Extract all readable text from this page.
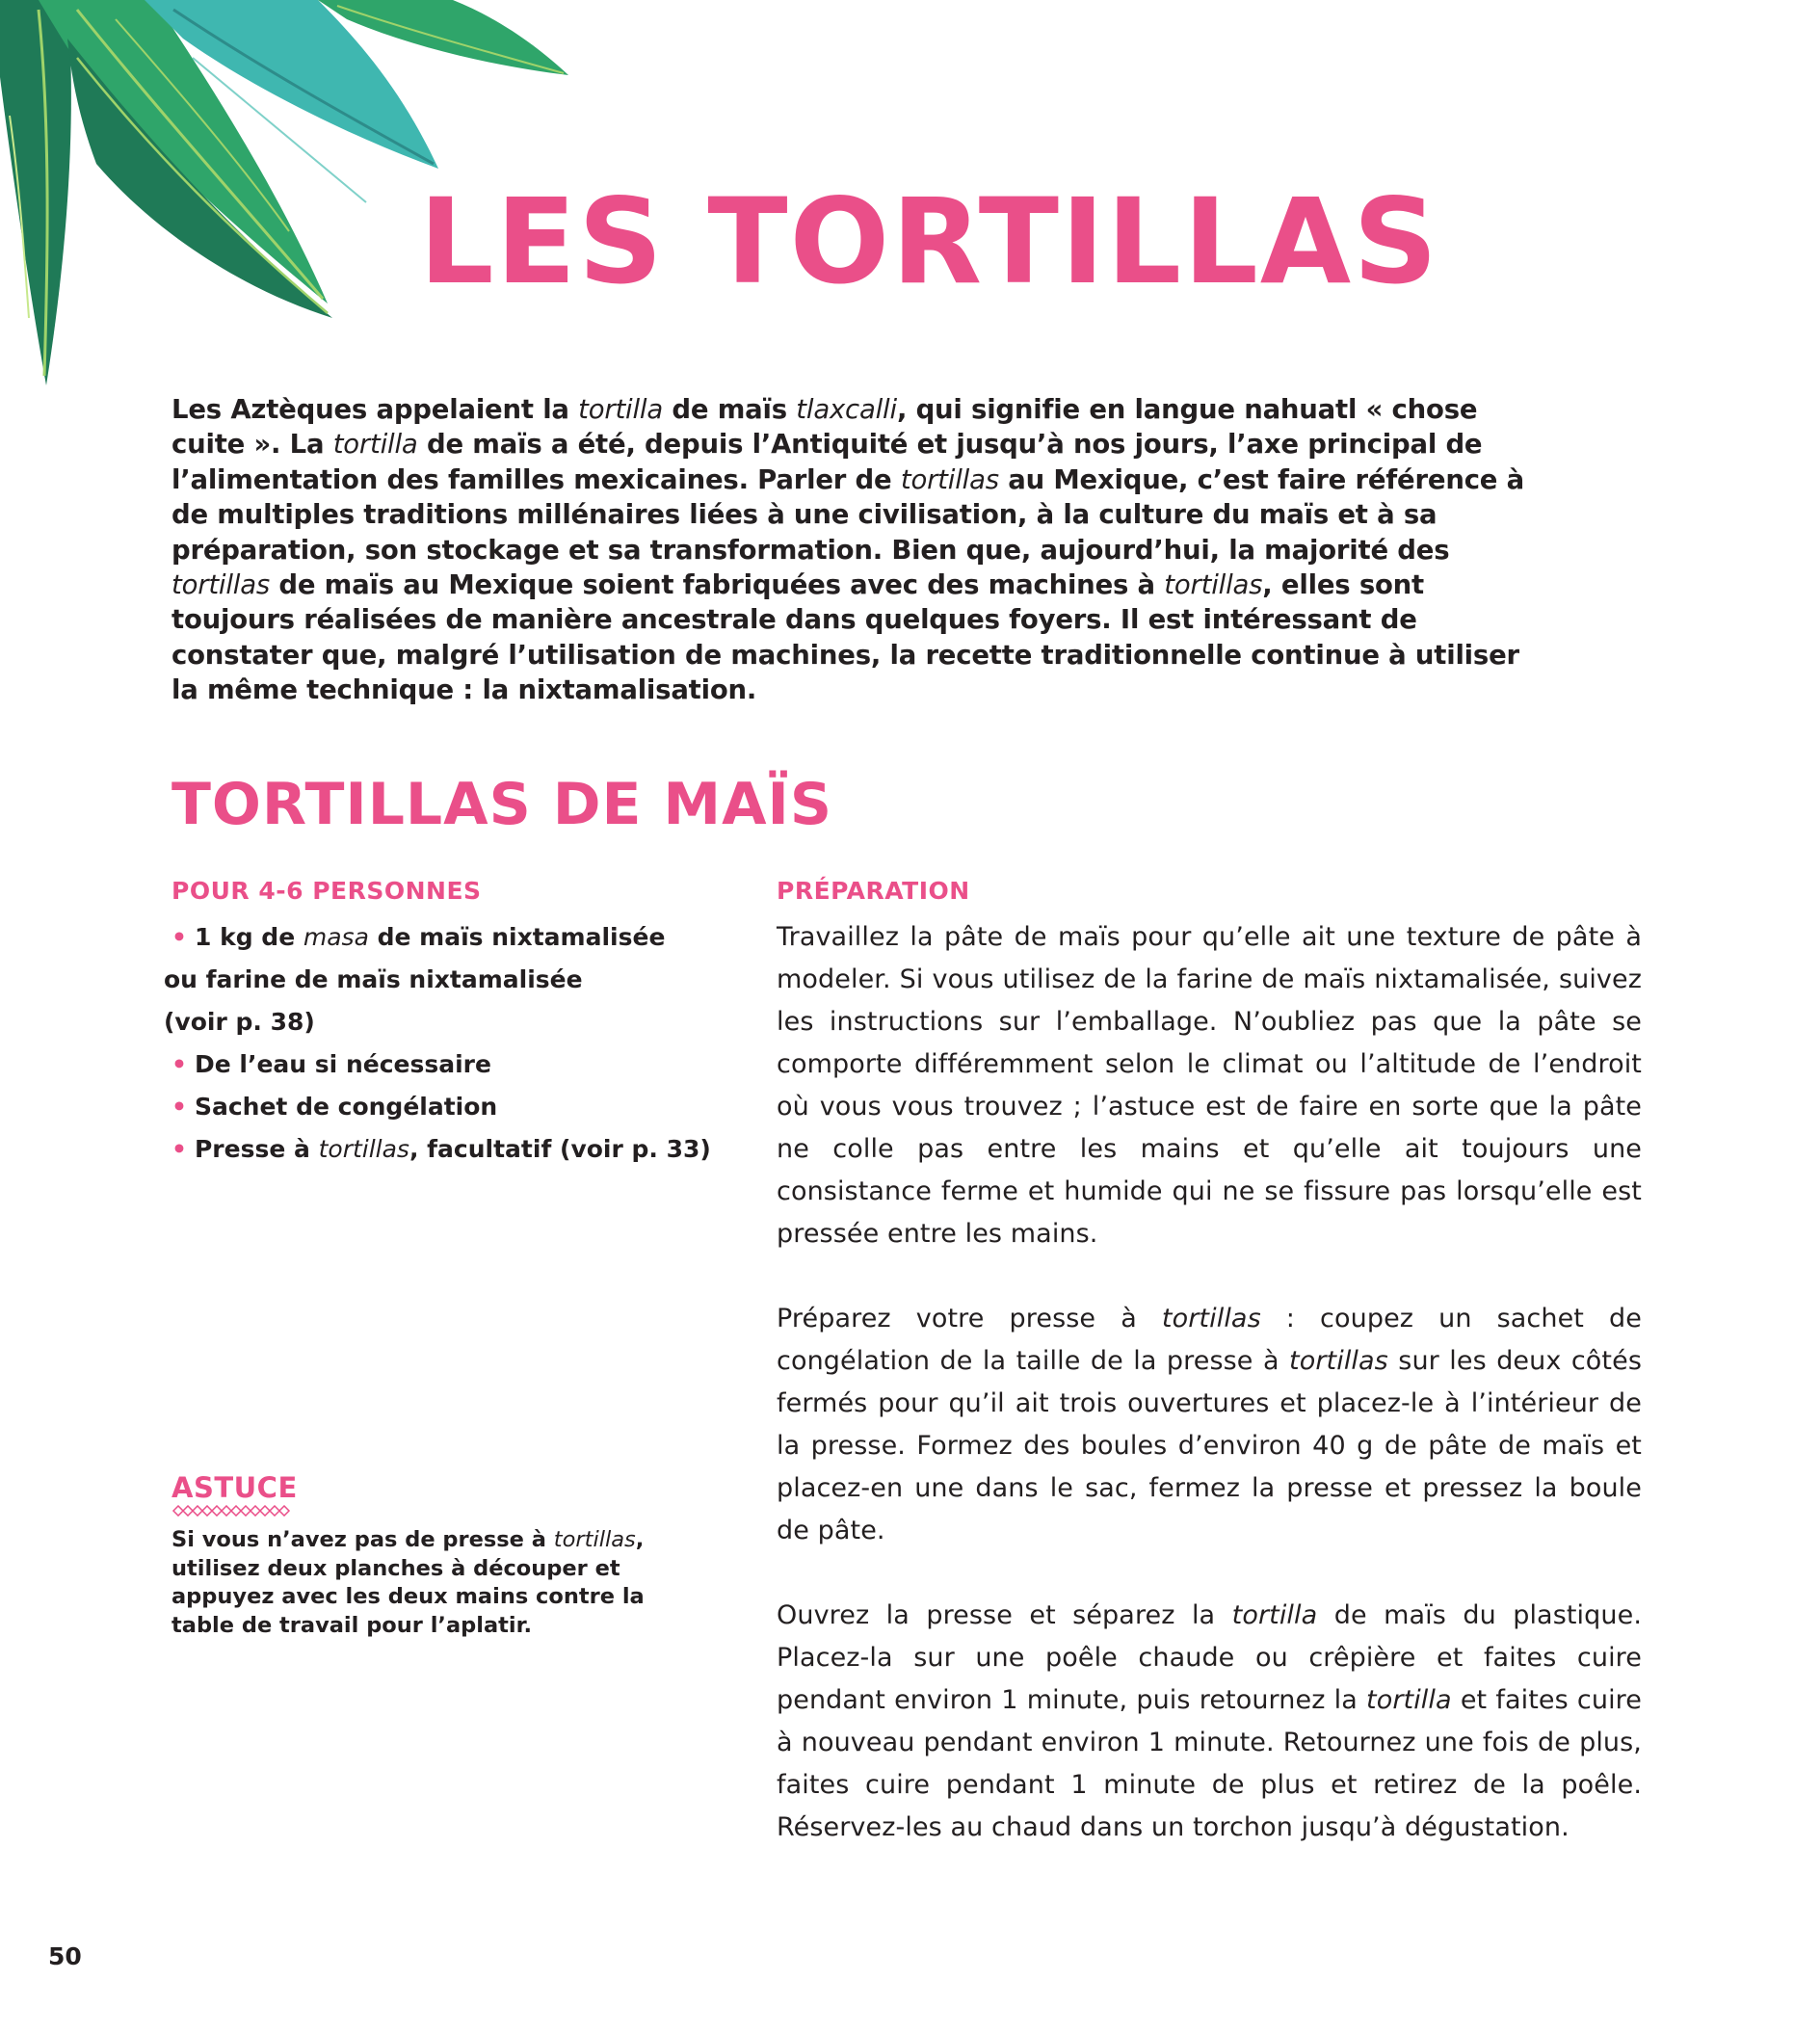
LES TORTILLAS

Les Aztèques appelaient la tortilla de maïs tlaxcalli, qui signifie en langue nahuatl « chose cuite ». La tortilla de maïs a été, depuis l’Antiquité et jusqu’à nos jours, l’axe principal de l’alimentation des familles mexicaines. Parler de tortillas au Mexique, c’est faire référence à de multiples traditions millénaires liées à une civilisation, à la culture du maïs et à sa préparation, son stockage et sa transformation. Bien que, aujourd’hui, la majorité des tortillas de maïs au Mexique soient fabriquées avec des machines à tortillas, elles sont toujours réalisées de manière ancestrale dans quelques foyers. Il est intéressant de constater que, malgré l’utilisation de machines, la recette traditionnelle continue à utiliser la même technique : la nixtamalisation.

TORTILLAS DE MAÏS
POUR 4-6 PERSONNES
• 1 kg de masa de maïs nixtamalisée
ou farine de maïs nixtamalisée
(voir p. 38)
• De l’eau si nécessaire
• Sachet de congélation
• Presse à tortillas, facultatif (voir p. 33)
PRÉPARATION

Travaillez la pâte de maïs pour qu’elle ait une texture de pâte à modeler. Si vous utilisez de la farine de maïs nixtamalisée, suivez les instructions sur l’emballage. N’oubliez pas que la pâte se comporte différemment selon le climat ou l’altitude de l’endroit où vous vous trouvez ; l’astuce est de faire en sorte que la pâte ne colle pas entre les mains et qu’elle ait toujours une consistance ferme et humide qui ne se fissure pas lorsqu’elle est pressée entre les mains.

Préparez votre presse à tortillas : coupez un sachet de congélation de la taille de la presse à tortillas sur les deux côtés fermés pour qu’il ait trois ouvertures et placez-le à l’intérieur de la presse. Formez des boules d’environ 40 g de pâte de maïs et placez-en une dans le sac, fermez la presse et pressez la boule de pâte.

Ouvrez la presse et séparez la tortilla de maïs du plastique. Placez-la sur une poêle chaude ou crêpière et faites cuire pendant environ 1 minute, puis retournez la tortilla et faites cuire à nouveau pendant environ 1 minute. Retournez une fois de plus, faites cuire pendant 1 minute de plus et retirez de la poêle. Réservez-les au chaud dans un torchon jusqu’à dégustation.

ASTUCE

Si vous n’avez pas de presse à tortillas, utilisez deux planches à découper et appuyez avec les deux mains contre la table de travail pour l’aplatir.

50
